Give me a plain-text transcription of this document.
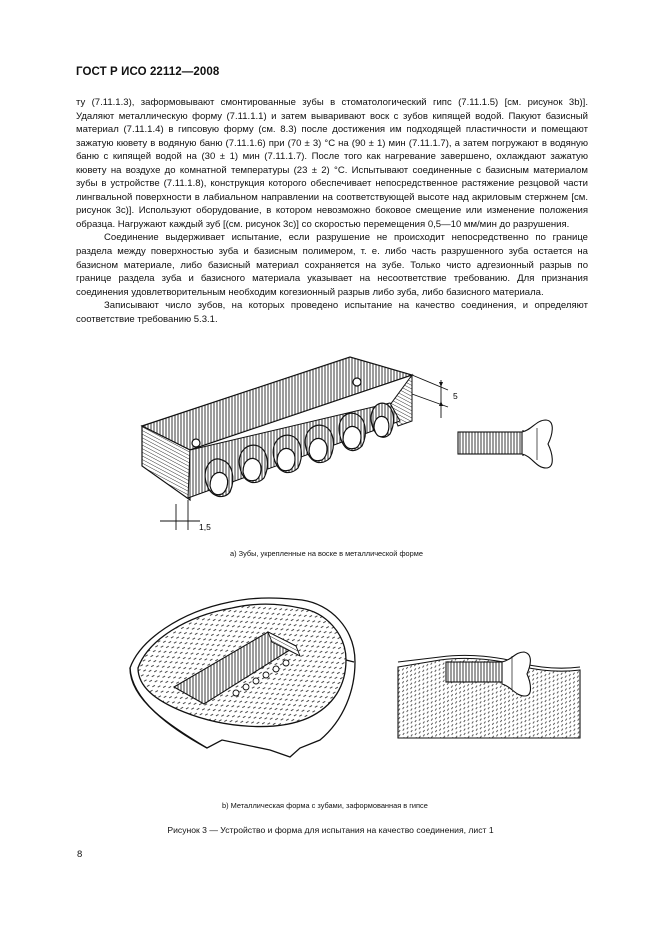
ГОСТ Р ИСО 22112—2008

ту (7.11.1.3), заформовывают смонтированные зубы в стоматологический гипс (7.11.1.5) [см. рисунок 3b)]. Удаляют металлическую форму (7.11.1.1) и затем вываривают воск с зубов кипящей водой. Пакуют базисный материал (7.11.1.4) в гипсовую форму (см. 8.3) после достижения им подходящей пластичности и помещают зажатую кювету в водяную баню (7.11.1.6) при (70 ± 3) °С на (90 ± 1) мин (7.11.1.7), а затем погружают в водяную баню с кипящей водой на (30 ± 1) мин (7.11.1.7). После того как нагревание завершено, охлаждают зажатую кювету на воздухе до комнатной температуры (23 ± 2) °С. Испытывают соединенные с базисным материалом зубы в устройстве (7.11.1.8), конструкция которого обеспечивает непосредственное растяжение резцовой части лингвальной поверхности в лабиальном направлении на соответствующей высоте над акриловым стержнем [см. рисунок 3с)]. Используют оборудование, в котором невозможно боковое смещение или изменение положения образца. Нагружают каждый зуб [(см. рисунок 3с)] со скоростью перемещения 0,5—10 мм/мин до разрушения.

Соединение выдерживает испытание, если разрушение не происходит непосредственно по границе раздела между поверхностью зуба и базисным полимером, т. е. либо часть разрушенного зуба остается на базисном материале, либо базисный материал сохраняется на зубе. Только чисто адгезионный разрыв по границе раздела зуба и базисного материала указывает на несоответствие требованию. Для признания соединения удовлетворительным необходим когезионный разрыв либо зуба, либо базисного материала.

Записывают число зубов, на которых проведено испытание на качество соединения, и определяют соответствие требованию 5.3.1.

5
1,5
а) Зубы, укрепленные на воске в металлической форме
b) Металлическая форма с зубами, заформованная в гипсе
Рисунок 3 — Устройство и форма для испытания на качество соединения, лист 1
8
